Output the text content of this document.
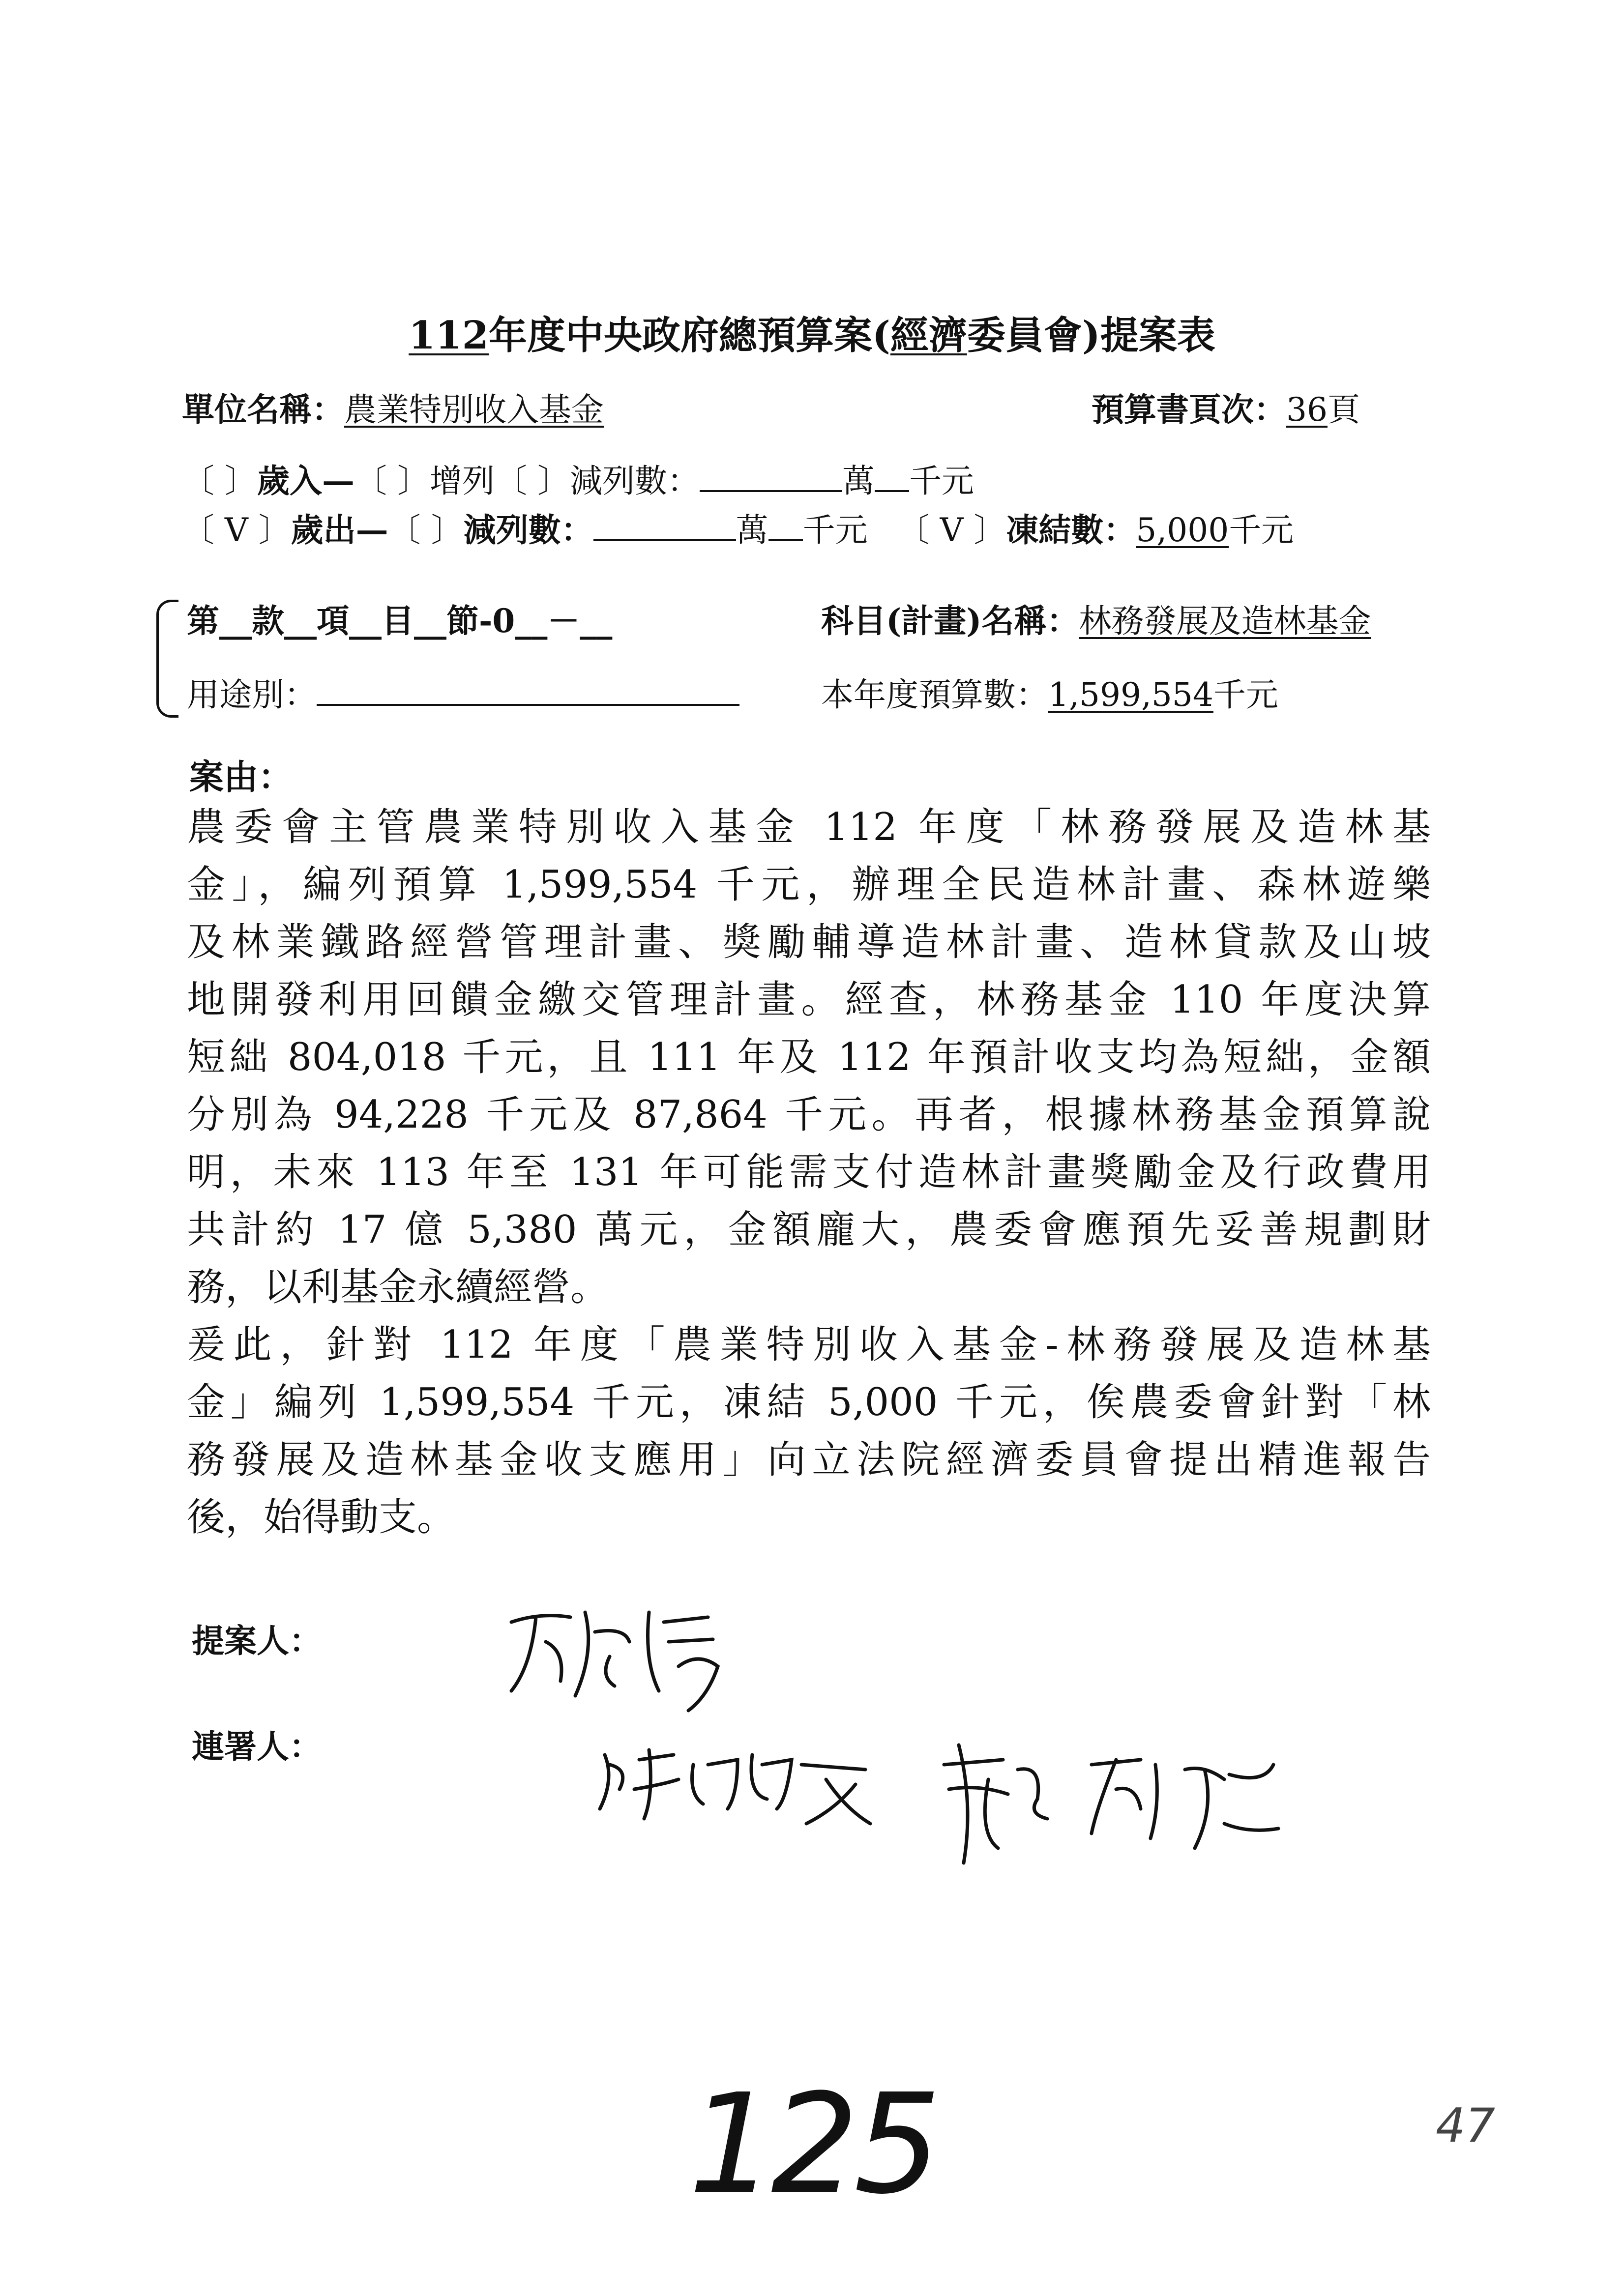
112年度中央政府總預算案(經濟委員會)提案表
單位名稱：農業特別收入基金	預算書頁次：36頁
〔 〕歲入—〔 〕增列〔 〕減列數：	萬 千元
〔 V 〕歲出—〔 〕減列數：	萬 千元 〔 V 〕凍結數：5,000千元
第__款__項__目__節-0__－__
用途別：
科目(計畫)名稱：林務發展及造林基金
本年度預算數：1,599,554千元
案由：
農委會主管農業特別收入基金 112 年度「林務發展及造林基
金」，編列預算 1,599,554 千元，辦理全民造林計畫、森林遊樂
及林業鐵路經營管理計畫、獎勵輔導造林計畫、造林貸款及山坡
地開發利用回饋金繳交管理計畫。經查，林務基金 110 年度決算
短絀 804,018 千元，且 111 年及 112 年預計收支均為短絀，金額
分別為 94,228 千元及 87,864 千元。再者，根據林務基金預算說
明，未來 113 年至 131 年可能需支付造林計畫獎勵金及行政費用
共計約 17 億 5,380 萬元，金額龐大，農委會應預先妥善規劃財
務，以利基金永續經營。
爰此，針對 112 年度「農業特別收入基金-林務發展及造林基
金」編列 1,599,554 千元，凍結 5,000 千元，俟農委會針對「林
務發展及造林基金收支應用」向立法院經濟委員會提出精進報告
後，始得動支。
提案人：
連署人：
125	47
